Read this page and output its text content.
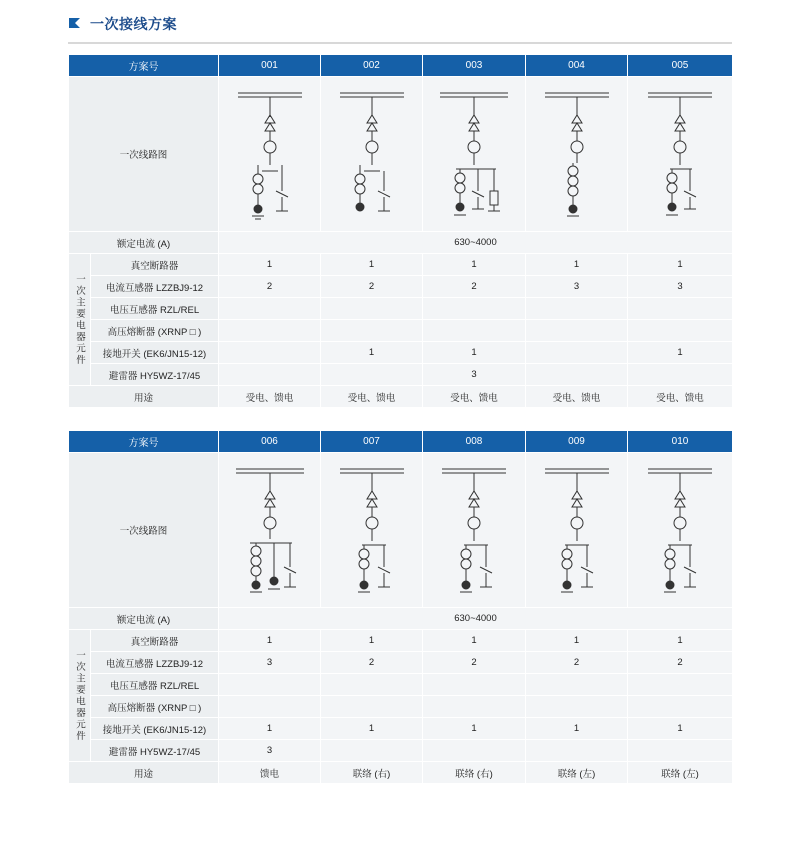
一次接线方案
方案号		001	002	003	004	005
一次线路图	

额定电流 (A)		630~4000				

一次主要电器元件	真空断路器	1	1	1	1	1
	电流互感器 LZZBJ9-12	2	2	2	3	3
	电压互感器 RZL/REL					
	高压熔断器 (XRNP □ )					
	接地开关 (EK6/JN15-12)		1	1		1
	避雷器 HY5WZ-17/45			3		
用途		受电、馈电	受电、馈电	受电、馈电	受电、馈电	受电、馈电
方案号		006	007	008	009	010
一次线路图	

额定电流 (A)		630~4000				

一次主要电器元件	真空断路器	1	1	1	1	1
	电流互感器 LZZBJ9-12	3	2	2	2	2
	电压互感器 RZL/REL					
	高压熔断器 (XRNP □ )					
	接地开关 (EK6/JN15-12)	1	1	1	1	1
	避雷器 HY5WZ-17/45	3				
用途		馈电	联络 (右)	联络 (右)	联络 (左)	联络 (左)
